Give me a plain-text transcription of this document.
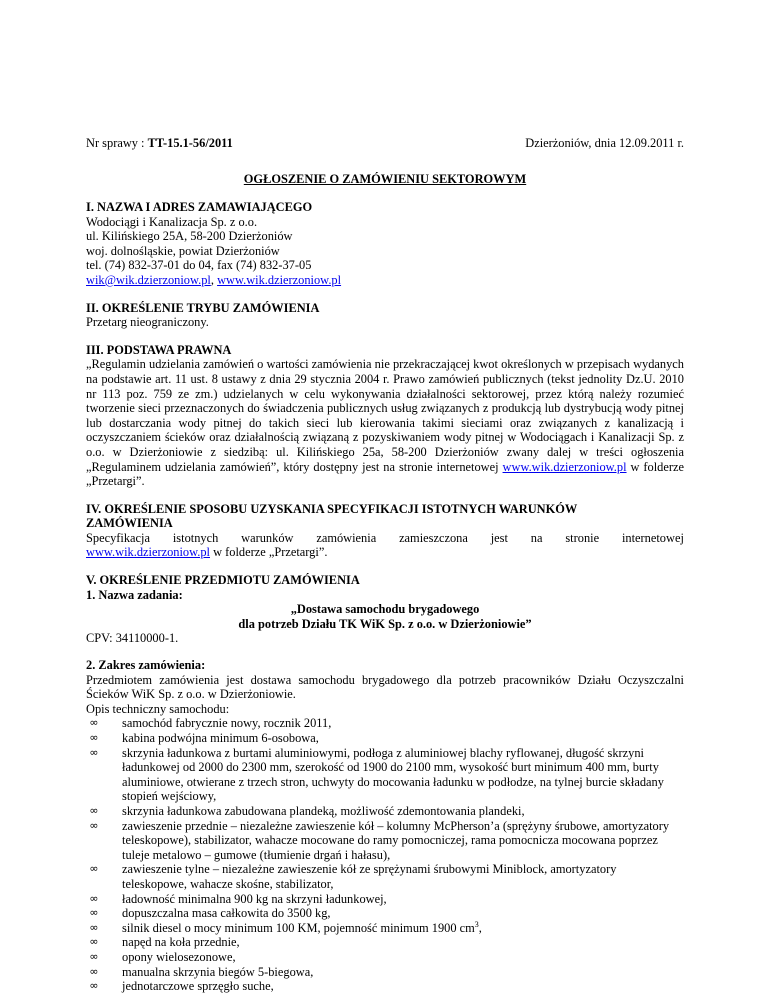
Nr sprawy : TT-15.1-56/2011	Dzierżoniów, dnia 12.09.2011 r.
OGŁOSZENIE O ZAMÓWIENIU SEKTOROWYM
I. NAZWA I ADRES ZAMAWIAJĄCEGO

Wodociągi i Kanalizacja Sp. z o.o.

ul. Kilińskiego 25A, 58-200 Dzierżoniów

woj. dolnośląskie, powiat Dzierżoniów

tel. (74) 832-37-01 do 04, fax (74) 832-37-05

wik@wik.dzierzoniow.pl, www.wik.dzierzoniow.pl

II. OKREŚLENIE TRYBU ZAMÓWIENIA

Przetarg nieograniczony.

III. PODSTAWA PRAWNA

„Regulamin udzielania zamówień o wartości zamówienia nie przekraczającej kwot określonych w przepisach wydanych na podstawie art. 11 ust. 8 ustawy z dnia 29 stycznia 2004 r. Prawo zamówień publicznych (tekst jednolity Dz.U. 2010 nr 113 poz. 759 ze zm.) udzielanych w celu wykonywania działalności sektorowej, przez którą należy rozumieć tworzenie sieci przeznaczonych do świadczenia publicznych usług związanych z produkcją lub dystrybucją wody pitnej lub dostarczania wody pitnej do takich sieci lub kierowania takimi sieciami oraz związanych z kanalizacją i oczyszczaniem ścieków oraz działalnością związaną z pozyskiwaniem wody pitnej w Wodociągach i Kanalizacji Sp. z o.o. w Dzierżoniowie z siedzibą: ul. Kilińskiego 25a, 58-200 Dzierżoniów zwany dalej w treści ogłoszenia „Regulaminem udzielania zamówień”, który dostępny jest na stronie internetowej www.wik.dzierzoniow.pl w folderze „Przetargi”.

IV. OKREŚLENIE SPOSOBU UZYSKANIA SPECYFIKACJI ISTOTNYCH WARUNKÓW
ZAMÓWIENIA
Specyfikacja istotnych warunków zamówienia zamieszczona jest na stronie internetowej

www.wik.dzierzoniow.pl w folderze „Przetargi”.

V. OKREŚLENIE PRZEDMIOTU ZAMÓWIENIA

1. Nazwa zadania:

„Dostawa samochodu brygadowego

dla potrzeb Działu TK WiK Sp. z o.o. w Dzierżoniowie”

CPV: 34110000-1.

2. Zakres zamówienia:

Przedmiotem zamówienia jest dostawa samochodu brygadowego dla potrzeb pracowników Działu Oczyszczalni Ścieków WiK Sp. z o.o. w Dzierżoniowie.

Opis techniczny samochodu:

∞ samochód fabrycznie nowy, rocznik 2011,
∞ kabina podwójna minimum 6-osobowa,
∞ skrzynia ładunkowa z burtami aluminiowymi, podłoga z aluminiowej blachy ryflowanej, długość skrzyni ładunkowej od 2000 do 2300 mm, szerokość od 1900 do 2100 mm, wysokość burt minimum 400 mm, burty aluminiowe, otwierane z trzech stron, uchwyty do mocowania ładunku w podłodze, na tylnej burcie składany stopień wejściowy,
∞ skrzynia ładunkowa zabudowana plandeką, możliwość zdemontowania plandeki,
∞ zawieszenie przednie – niezależne zawieszenie kół – kolumny McPherson’a (sprężyny śrubowe, amortyzatory teleskopowe), stabilizator, wahacze mocowane do ramy pomocniczej, rama pomocnicza mocowana poprzez tuleje metalowo – gumowe (tłumienie drgań i hałasu),
∞ zawieszenie tylne – niezależne zawieszenie kół ze sprężynami śrubowymi Miniblock, amortyzatory teleskopowe, wahacze skośne, stabilizator,
∞ ładowność minimalna 900 kg na skrzyni ładunkowej,
∞ dopuszczalna masa całkowita do 3500 kg,
∞ silnik diesel o mocy minimum 100 KM, pojemność minimum 1900 $cm^3$,
∞ napęd na koła przednie,
∞ opony wielosezonowe,
∞ manualna skrzynia biegów 5-biegowa,
∞ jednotarczowe sprzęgło suche,
